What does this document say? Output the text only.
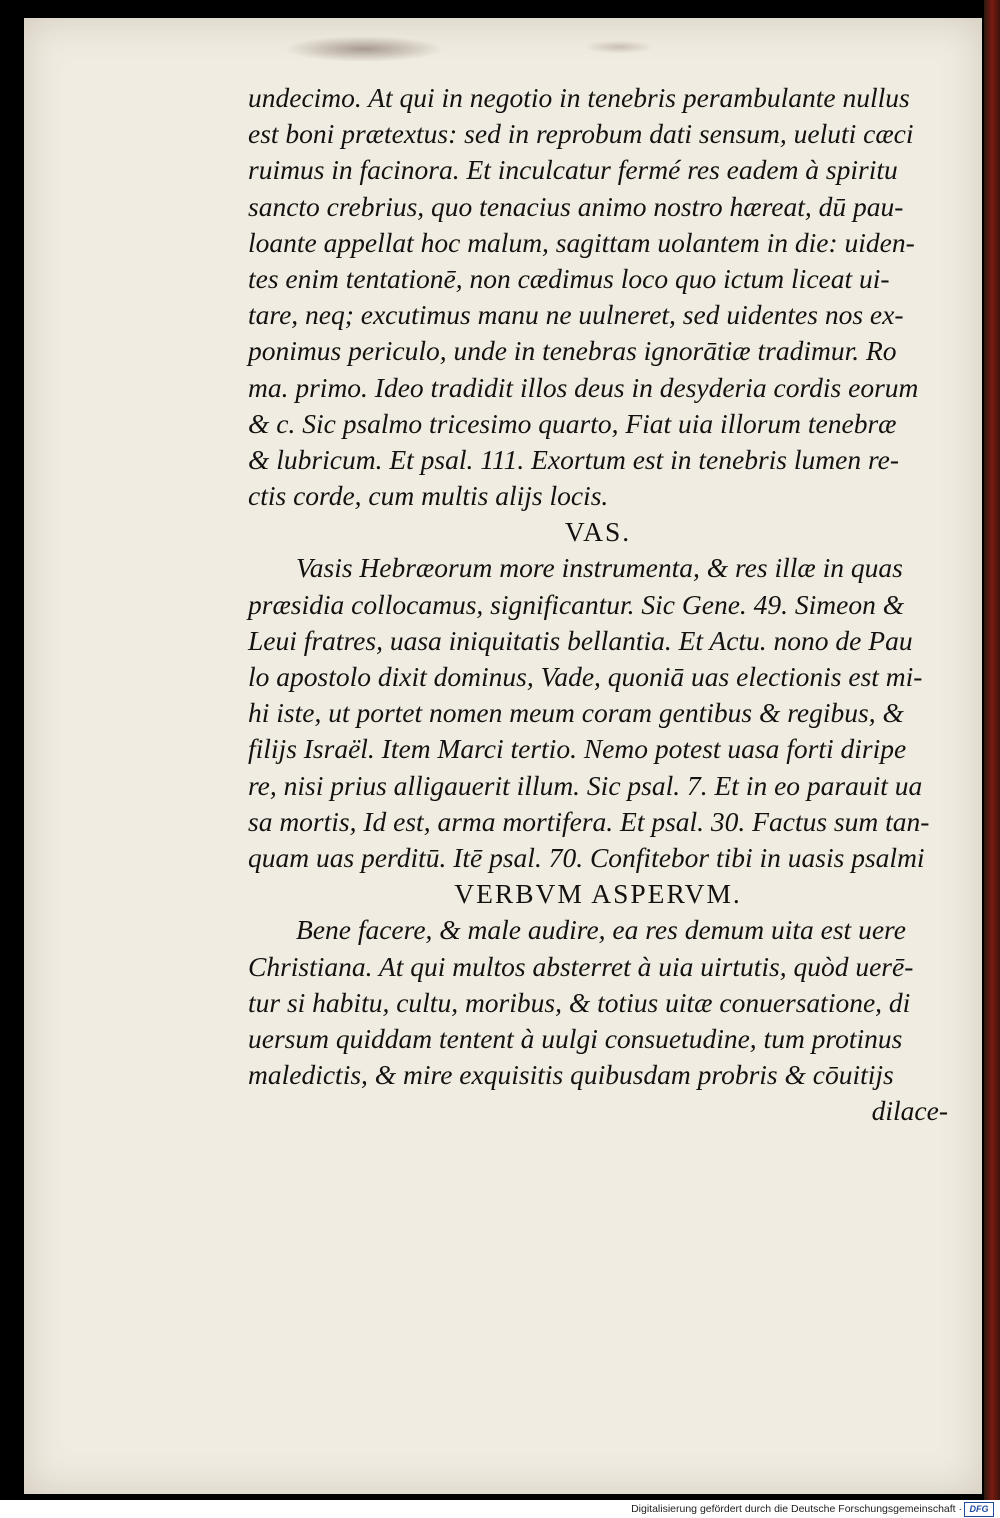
undecimo. At qui in negotio in tenebris perambulante nullus
est boni prætextus: sed in reprobum dati sensum, ueluti cæci
ruimus in facinora. Et inculcatur fermé res eadem à spiritu
sancto crebrius, quo tenacius animo nostro hæreat, dū pau-
loante appellat hoc malum, sagittam uolantem in die: uiden-
tes enim tentationē, non cædimus loco quo ictum liceat ui-
tare, neq; excutimus manu ne uulneret, sed uidentes nos ex-
ponimus periculo, unde in tenebras ignorātiæ tradimur. Ro
ma. primo. Ideo tradidit illos deus in desyderia cordis eorum
& c. Sic psalmo tricesimo quarto, Fiat uia illorum tenebræ
& lubricum. Et psal. 111. Exortum est in tenebris lumen re-
ctis corde, cum multis alijs locis.
VAS.
Vasis Hebræorum more instrumenta, & res illæ in quas
præsidia collocamus, significantur. Sic Gene. 49. Simeon &
Leui fratres, uasa iniquitatis bellantia. Et Actu. nono de Pau
lo apostolo dixit dominus, Vade, quoniā uas electionis est mi-
hi iste, ut portet nomen meum coram gentibus & regibus, &
filijs Israël. Item Marci tertio. Nemo potest uasa forti diripe
re, nisi prius alligauerit illum. Sic psal. 7. Et in eo parauit ua
sa mortis, Id est, arma mortifera. Et psal. 30. Factus sum tan-
quam uas perditū. Itē psal. 70. Confitebor tibi in uasis psalmi
VERBVM ASPERVM.
Bene facere, & male audire, ea res demum uita est uere
Christiana. At qui multos absterret à uia uirtutis, quòd uerē-
tur si habitu, cultu, moribus, & totius uitæ conuersatione, di
uersum quiddam tentent à uulgi consuetudine, tum protinus
maledictis, & mire exquisitis quibusdam probris & cōuitijs
dilace-
Digitalisierung gefördert durch die Deutsche Forschungsgemeinschaft · DFG
